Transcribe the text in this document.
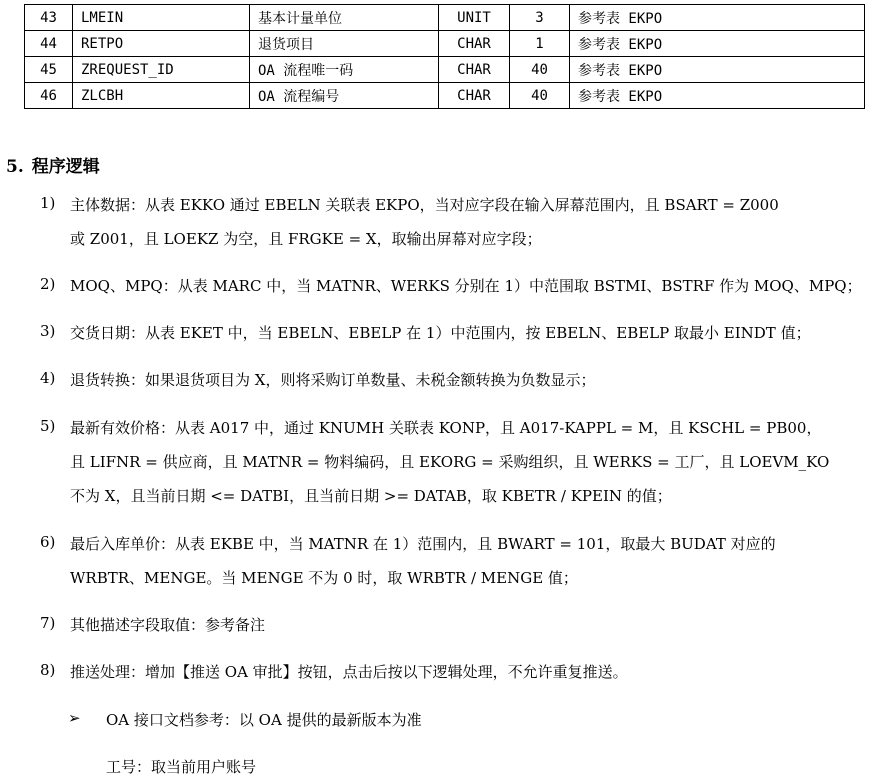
43	LMEIN	基本计量单位	UNIT	3	参考表 EKPO
44	RETPO	退货项目	CHAR	1	参考表 EKPO
45	ZREQUEST_ID	OA 流程唯一码	CHAR	40	参考表 EKPO
46	ZLCBH	OA 流程编号	CHAR	40	参考表 EKPO
5. 程序逻辑
1) 主体数据：从表 EKKO 通过 EBELN 关联表 EKPO，当对应字段在输入屏幕范围内，且 BSART = Z000
或 Z001，且 LOEKZ 为空，且 FRGKE = X，取输出屏幕对应字段；
2) MOQ、MPQ：从表 MARC 中，当 MATNR、WERKS 分别在 1）中范围取 BSTMI、BSTRF 作为 MOQ、MPQ；
3) 交货日期：从表 EKET 中，当 EBELN、EBELP 在 1）中范围内，按 EBELN、EBELP 取最小 EINDT 值；
4) 退货转换：如果退货项目为 X，则将采购订单数量、未税金额转换为负数显示；
5) 最新有效价格：从表 A017 中，通过 KNUMH 关联表 KONP，且 A017-KAPPL = M，且 KSCHL = PB00，
且 LIFNR = 供应商，且 MATNR = 物料编码，且 EKORG = 采购组织，且 WERKS = 工厂，且 LOEVM_KO
不为 X，且当前日期 <= DATBI，且当前日期 >= DATAB，取 KBETR / KPEIN 的值；
6) 最后入库单价：从表 EKBE 中，当 MATNR 在 1）范围内，且 BWART = 101，取最大 BUDAT 对应的
WRBTR、MENGE。当 MENGE 不为 0 时，取 WRBTR / MENGE 值；
7) 其他描述字段取值：参考备注
8) 推送处理：增加【推送 OA 审批】按钮，点击后按以下逻辑处理，不允许重复推送。
➢ OA 接口文档参考：以 OA 提供的最新版本为准
工号：取当前用户账号
